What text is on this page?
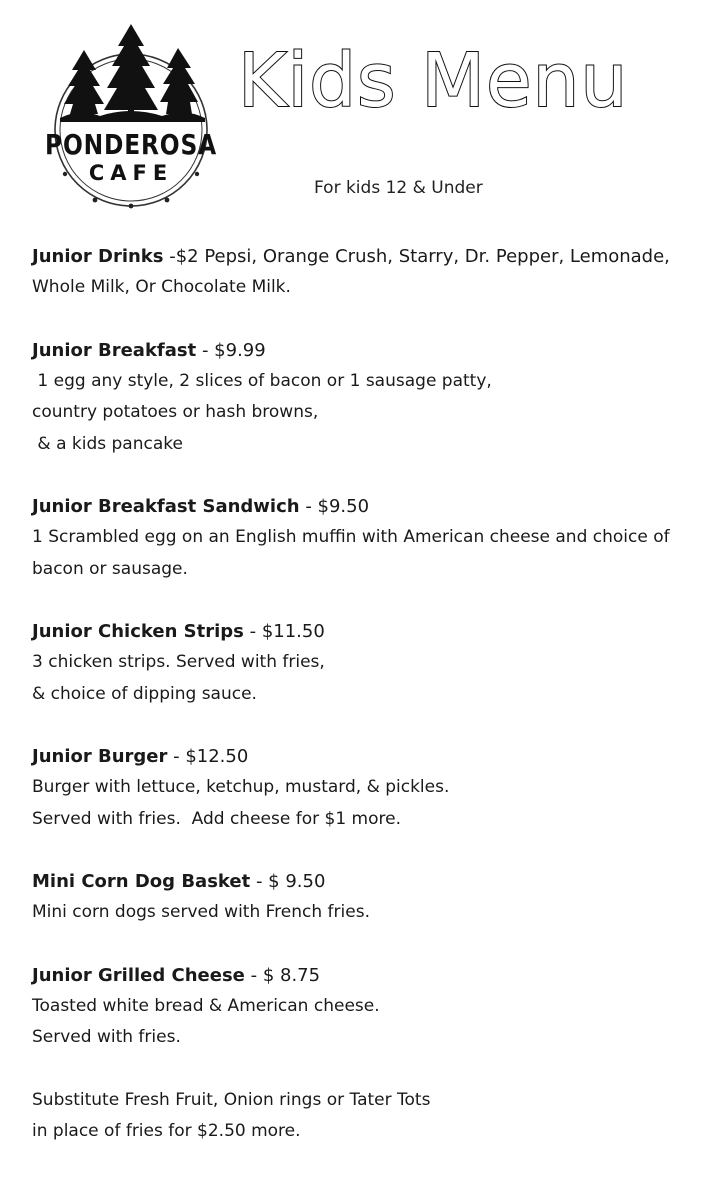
PONDEROSA
CAFE
Kids Menu
For kids 12 & Under
Junior Drinks -$2 Pepsi, Orange Crush, Starry, Dr. Pepper, Lemonade,
Whole Milk, Or Chocolate Milk.
Junior Breakfast - $9.99
1 egg any style, 2 slices of bacon or 1 sausage patty,
country potatoes or hash browns,
& a kids pancake
Junior Breakfast Sandwich - $9.50
1 Scrambled egg on an English muffin with American cheese and choice of
bacon or sausage.
Junior Chicken Strips - $11.50
3 chicken strips. Served with fries,
& choice of dipping sauce.
Junior Burger - $12.50
Burger with lettuce, ketchup, mustard, & pickles.
Served with fries.  Add cheese for $1 more.
Mini Corn Dog Basket - $ 9.50
Mini corn dogs served with French fries.
Junior Grilled Cheese - $ 8.75
Toasted white bread & American cheese.
Served with fries.
Substitute Fresh Fruit, Onion rings or Tater Tots
in place of fries for $2.50 more.
